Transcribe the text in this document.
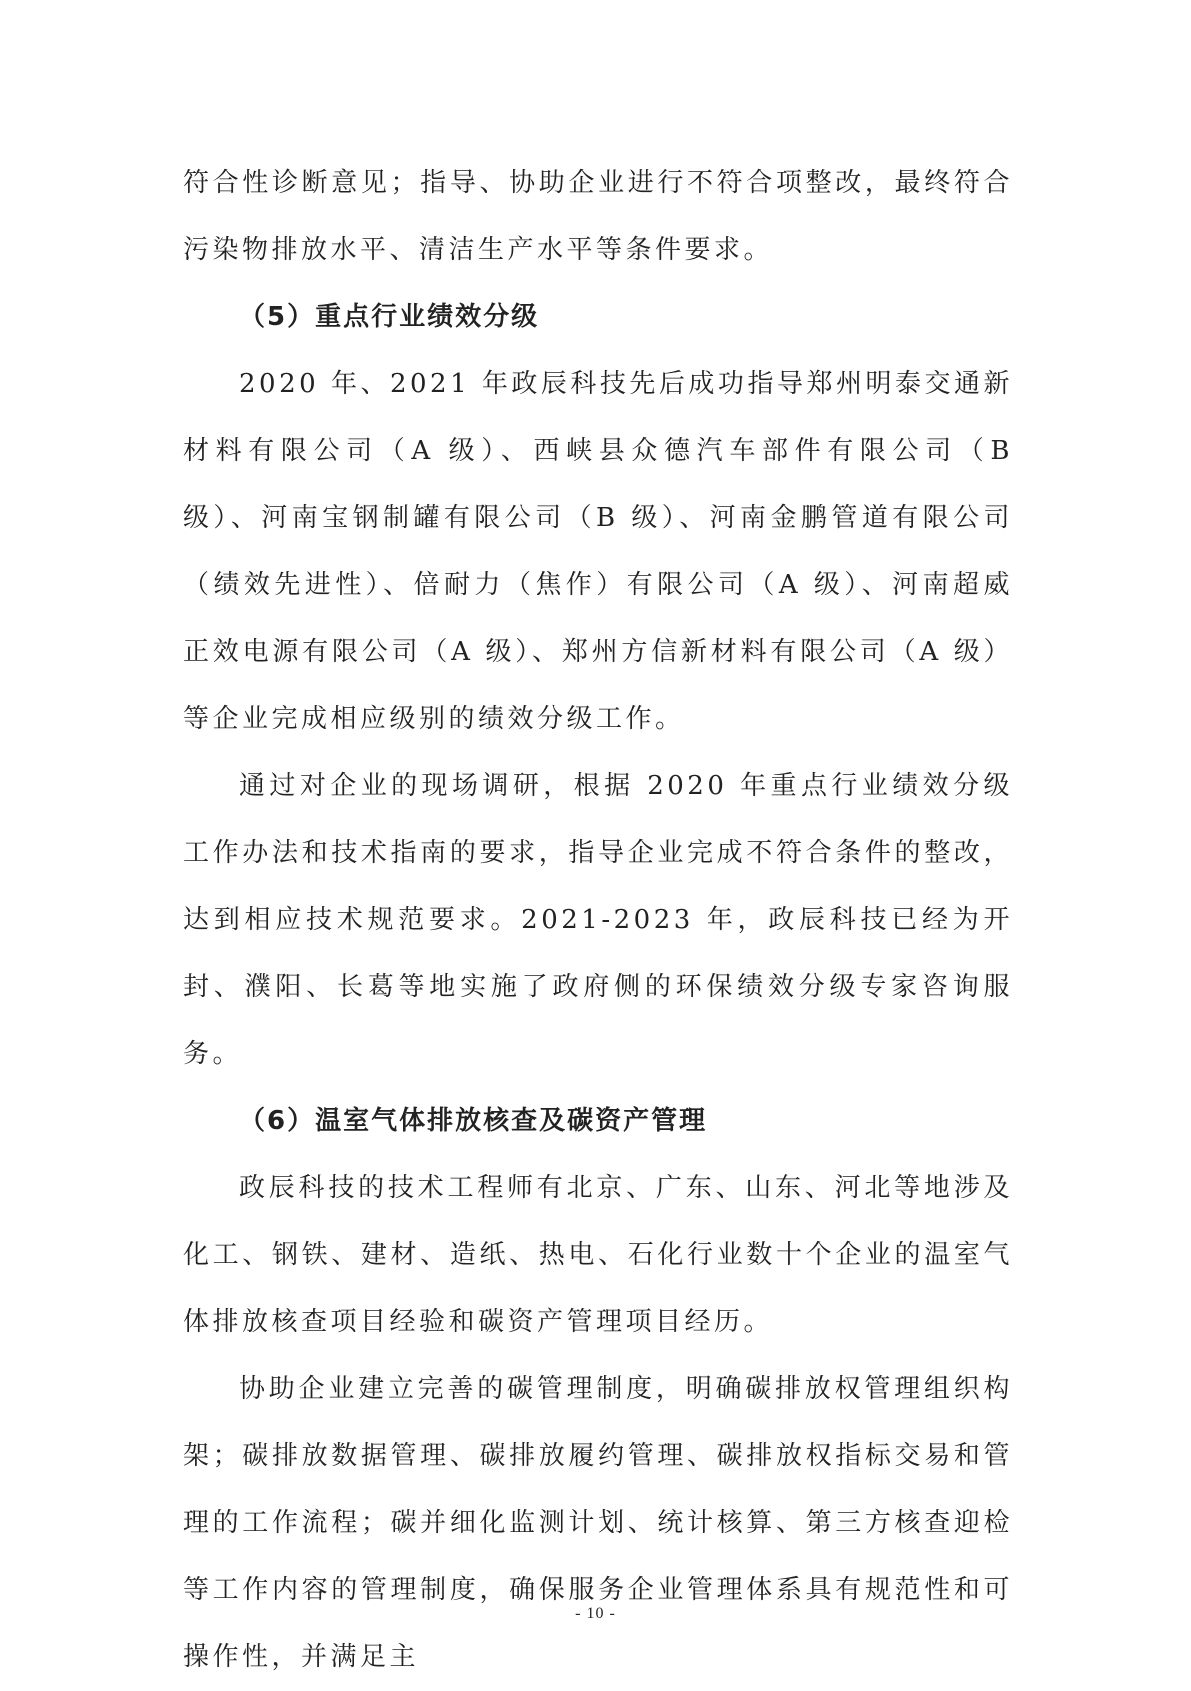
符合性诊断意见；指导、协助企业进行不符合项整改，最终符合污染物排放水平、清洁生产水平等条件要求。

（5）重点行业绩效分级

2020 年、2021 年政辰科技先后成功指导郑州明泰交通新材料有限公司（A 级）、西峡县众德汽车部件有限公司（B 级）、河南宝钢制罐有限公司（B 级）、河南金鹏管道有限公司（绩效先进性）、倍耐力（焦作）有限公司（A 级）、河南超威正效电源有限公司（A 级）、郑州方信新材料有限公司（A 级）等企业完成相应级别的绩效分级工作。

通过对企业的现场调研，根据 2020 年重点行业绩效分级工作办法和技术指南的要求，指导企业完成不符合条件的整改，达到相应技术规范要求。2021-2023 年，政辰科技已经为开封、濮阳、长葛等地实施了政府侧的环保绩效分级专家咨询服务。

（6）温室气体排放核查及碳资产管理

政辰科技的技术工程师有北京、广东、山东、河北等地涉及化工、钢铁、建材、造纸、热电、石化行业数十个企业的温室气体排放核查项目经验和碳资产管理项目经历。

协助企业建立完善的碳管理制度，明确碳排放权管理组织构架；碳排放数据管理、碳排放履约管理、碳排放权指标交易和管理的工作流程；碳并细化监测计划、统计核算、第三方核查迎检等工作内容的管理制度，确保服务企业管理体系具有规范性和可操作性，并满足主

- 10 -
